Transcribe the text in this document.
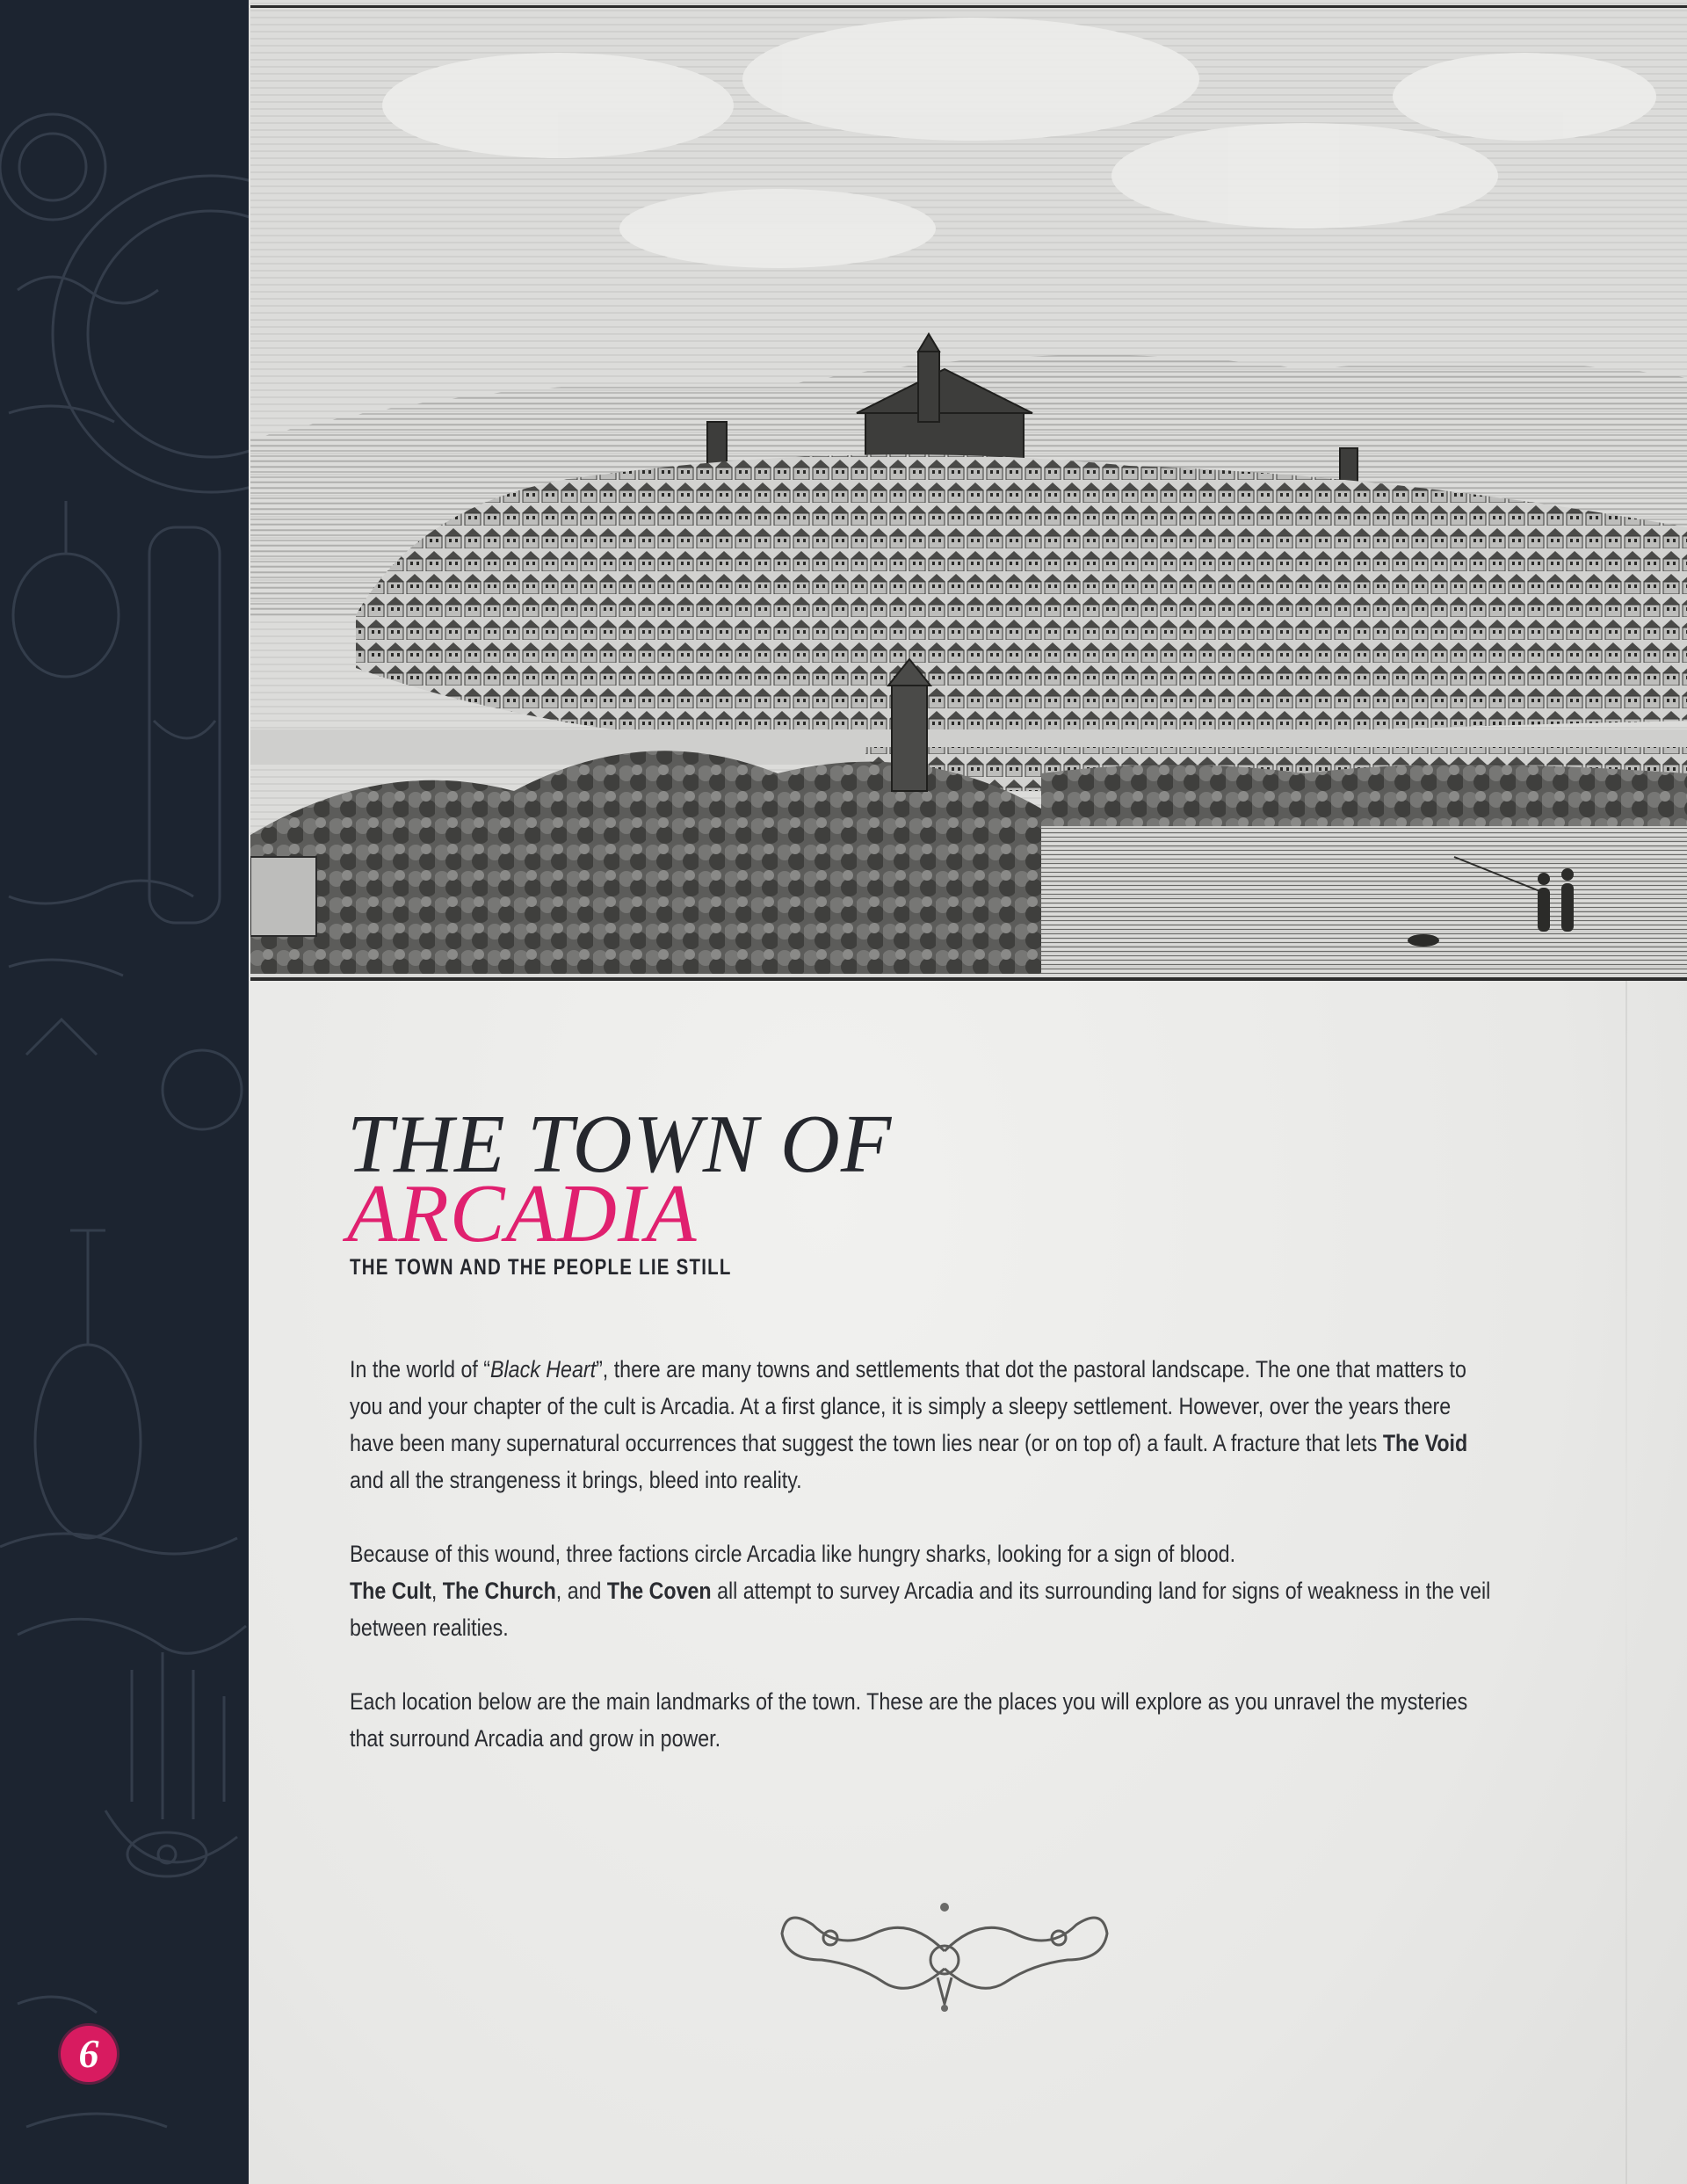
6
THE TOWN OF
ARCADIA
THE TOWN AND THE PEOPLE LIE STILL

In the world of “Black Heart”, there are many towns and settlements that dot the pastoral landscape. The one that matters to you and your chapter of the cult is Arcadia. At a first glance, it is simply a sleepy settlement. However, over the years there have been many supernatural occurrences that suggest the town lies near (or on top of) a fault. A fracture that lets The Void and all the strangeness it brings, bleed into reality.

Because of this wound, three factions circle Arcadia like hungry sharks, looking for a sign of blood.
The Cult, The Church, and The Coven all attempt to survey Arcadia and its surrounding land for signs of weakness in the veil between realities.

Each location below are the main landmarks of the town. These are the places you will explore as you unravel the mysteries that surround Arcadia and grow in power.
